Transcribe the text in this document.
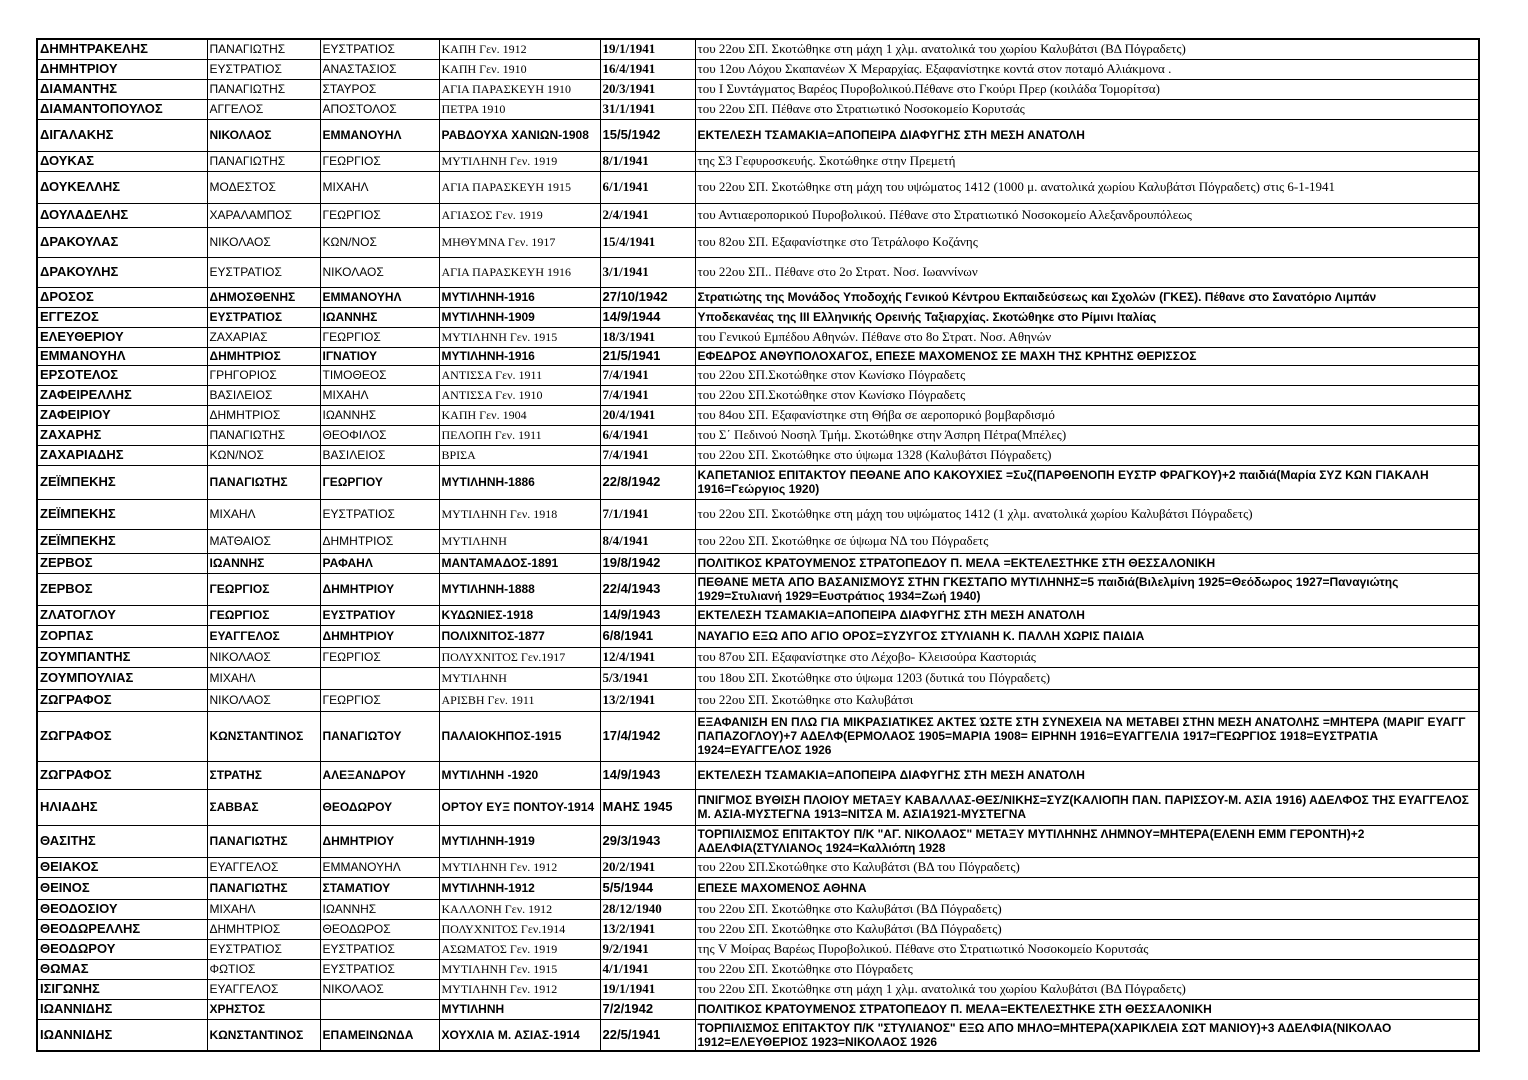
ΔΗΜΗΤΡΑΚΕΛΗΣ	ΠΑΝΑΓΙΩΤΗΣ	ΕΥΣΤΡΑΤΙΟΣ	ΚΑΠΗ Γεν. 1912	19/1/1941	του 22ου ΣΠ. Σκοτώθηκε στη μάχη 1 χλμ. ανατολικά του χωρίου Καλυβάτσι (ΒΔ Πόγραδετς)
ΔΗΜΗΤΡΙΟΥ	ΕΥΣΤΡΑΤΙΟΣ	ΑΝΑΣΤΑΣΙΟΣ	ΚΑΠΗ Γεν. 1910	16/4/1941	του 12ου Λόχου Σκαπανέων Χ Μεραρχίας. Εξαφανίστηκε κοντά στον ποταμό Αλιάκμονα .
ΔΙΑΜΑΝΤΗΣ	ΠΑΝΑΓΙΩΤΗΣ	ΣΤΑΥΡΟΣ	ΑΓΙΑ ΠΑΡΑΣΚΕΥΗ 1910	20/3/1941	του Ι Συντάγματος Βαρέος Πυροβολικού.Πέθανε στο Γκούρι Πρερ (κοιλάδα Τομορίτσα)
ΔΙΑΜΑΝΤΟΠΟΥΛΟΣ	ΑΓΓΕΛΟΣ	ΑΠΟΣΤΟΛΟΣ	ΠΕΤΡΑ 1910	31/1/1941	του 22ου ΣΠ. Πέθανε στο Στρατιωτικό Νοσοκομείο Κορυτσάς
ΔΙΓΑΛΑΚΗΣ	ΝΙΚΟΛΑΟΣ	ΕΜΜΑΝΟΥΗΛ	ΡΑΒΔΟΥΧΑ ΧΑΝΙΩΝ-1908	15/5/1942	ΕΚΤΕΛΕΣΗ ΤΣΑΜΑΚΙΑ=ΑΠΟΠΕΙΡΑ ΔΙΑΦΥΓΗΣ ΣΤΗ ΜΕΣΗ ΑΝΑΤΟΛΗ
ΔΟΥΚΑΣ	ΠΑΝΑΓΙΩΤΗΣ	ΓΕΩΡΓΙΟΣ	ΜΥΤΙΛΗΝΗ Γεν. 1919	8/1/1941	της Σ3 Γεφυροσκευής. Σκοτώθηκε στην Πρεμετή
ΔΟΥΚΕΛΛΗΣ	ΜΟΔΕΣΤΟΣ	ΜΙΧΑΗΛ	ΑΓΙΑ ΠΑΡΑΣΚΕΥΗ 1915	6/1/1941	του 22ου ΣΠ. Σκοτώθηκε στη μάχη του υψώματος 1412 (1000 μ. ανατολικά χωρίου Καλυβάτσι Πόγραδετς) στις 6-1-1941
ΔΟΥΛΑΔΕΛΗΣ	ΧΑΡΑΛΑΜΠΟΣ	ΓΕΩΡΓΙΟΣ	ΑΓΙΑΣΟΣ Γεν. 1919	2/4/1941	του Αντιαεροπορικού Πυροβολικού. Πέθανε στο Στρατιωτικό Νοσοκομείο Αλεξανδρουπόλεως
ΔΡΑΚΟΥΛΑΣ	ΝΙΚΟΛΑΟΣ	ΚΩΝ/ΝΟΣ	ΜΗΘΥΜΝΑ Γεν. 1917	15/4/1941	του 82ου ΣΠ. Εξαφανίστηκε στο Τετράλοφο Κοζάνης
ΔΡΑΚΟΥΛΗΣ	ΕΥΣΤΡΑΤΙΟΣ	ΝΙΚΟΛΑΟΣ	ΑΓΙΑ ΠΑΡΑΣΚΕΥΗ 1916	3/1/1941	του 22ου ΣΠ.. Πέθανε στο 2ο Στρατ. Νοσ. Ιωαννίνων
ΔΡΟΣΟΣ	ΔΗΜΟΣΘΕΝΗΣ	ΕΜΜΑΝΟΥΗΛ	ΜΥΤΙΛΗΝΗ-1916	27/10/1942	Στρατιώτης της Μονάδος Υποδοχής Γενικού Κέντρου Εκπαιδεύσεως και Σχολών (ΓΚΕΣ). Πέθανε στο Σανατόριο Λιμπάν
ΕΓΓΕΖΟΣ	ΕΥΣΤΡΑΤΙΟΣ	ΙΩΑΝΝΗΣ	ΜΥΤΙΛΗΝΗ-1909	14/9/1944	Υποδεκανέας της ΙΙΙ Ελληνικής Ορεινής Ταξιαρχίας. Σκοτώθηκε στο Ρίμινι Ιταλίας
ΕΛΕΥΘΕΡΙΟΥ	ΖΑΧΑΡΙΑΣ	ΓΕΩΡΓΙΟΣ	ΜΥΤΙΛΗΝΗ Γεν. 1915	18/3/1941	του Γενικού Εμπέδου Αθηνών. Πέθανε στο 8ο Στρατ. Νοσ. Αθηνών
ΕΜΜΑΝΟΥΗΛ	ΔΗΜΗΤΡΙΟΣ	ΙΓΝΑΤΙΟΥ	ΜΥΤΙΛΗΝΗ-1916	21/5/1941	ΕΦΕΔΡΟΣ ΑΝΘΥΠΟΛΟΧΑΓΟΣ, ΕΠΕΣΕ ΜΑΧΟΜΕΝΟΣ ΣΕ ΜΑΧΗ ΤΗΣ ΚΡΗΤΗΣ ΘΕΡΙΣΣΟΣ
ΕΡΣΟΤΕΛΟΣ	ΓΡΗΓΟΡΙΟΣ	ΤΙΜΟΘΕΟΣ	ΑΝΤΙΣΣΑ Γεν. 1911	7/4/1941	του 22ου ΣΠ.Σκοτώθηκε στον Κωνίσκο Πόγραδετς
ΖΑΦΕΙΡΕΛΛΗΣ	ΒΑΣΙΛΕΙΟΣ	ΜΙΧΑΗΛ	ΑΝΤΙΣΣΑ Γεν. 1910	7/4/1941	του 22ου ΣΠ.Σκοτώθηκε στον Κωνίσκο Πόγραδετς
ΖΑΦΕΙΡΙΟΥ	ΔΗΜΗΤΡΙΟΣ	ΙΩΑΝΝΗΣ	ΚΑΠΗ Γεν. 1904	20/4/1941	του 84ου ΣΠ. Εξαφανίστηκε στη Θήβα σε αεροπορικό βομβαρδισμό
ΖΑΧΑΡΗΣ	ΠΑΝΑΓΙΩΤΗΣ	ΘΕΟΦΙΛΟΣ	ΠΕΛΟΠΗ Γεν. 1911	6/4/1941	του Σ΄ Πεδινού Νοσηλ Τμήμ. Σκοτώθηκε στην Άσπρη Πέτρα(Μπέλες)
ΖΑΧΑΡΙΑΔΗΣ	ΚΩΝ/ΝΟΣ	ΒΑΣΙΛΕΙΟΣ	ΒΡΙΣΑ	7/4/1941	του 22ου ΣΠ. Σκοτώθηκε στο ύψωμα 1328 (Καλυβάτσι Πόγραδετς)
ΖΕΪΜΠΕΚΗΣ	ΠΑΝΑΓΙΩΤΗΣ	ΓΕΩΡΓΙΟΥ	ΜΥΤΙΛΗΝΗ-1886	22/8/1942	ΚΑΠΕΤΑΝΙΟΣ ΕΠΙΤΑΚΤΟΥ ΠΕΘΑΝΕ ΑΠΟ ΚΑΚΟΥΧΙΕΣ =Συζ(ΠΑΡΘΕΝΟΠΗ ΕΥΣΤΡ ΦΡΑΓΚΟΥ)+2 παιδιά(Μαρία ΣΥΖ ΚΩΝ ΓΙΑΚΑΛΗ 1916=Γεώργιος 1920)
ΖΕΪΜΠΕΚΗΣ	ΜΙΧΑΗΛ	ΕΥΣΤΡΑΤΙΟΣ	ΜΥΤΙΛΗΝΗ Γεν. 1918	7/1/1941	του 22ου ΣΠ. Σκοτώθηκε στη μάχη του υψώματος 1412 (1 χλμ. ανατολικά χωρίου Καλυβάτσι Πόγραδετς)
ΖΕΪΜΠΕΚΗΣ	ΜΑΤΘΑΙΟΣ	ΔΗΜΗΤΡΙΟΣ	ΜΥΤΙΛΗΝΗ	8/4/1941	του 22ου ΣΠ. Σκοτώθηκε σε ύψωμα ΝΔ του Πόγραδετς
ΖΕΡΒΟΣ	ΙΩΑΝΝΗΣ	ΡΑΦΑΗΛ	ΜΑΝΤΑΜΑΔΟΣ-1891	19/8/1942	ΠΟΛΙΤΙΚΟΣ ΚΡΑΤΟΥΜΕΝΟΣ ΣΤΡΑΤΟΠΕΔΟΥ Π. ΜΕΛΑ =ΕΚΤΕΛΕΣΤΗΚΕ ΣΤΗ ΘΕΣΣΑΛΟΝΙΚΗ
ΖΕΡΒΟΣ	ΓΕΩΡΓΙΟΣ	ΔΗΜΗΤΡΙΟΥ	ΜΥΤΙΛΗΝΗ-1888	22/4/1943	ΠΕΘΑΝΕ ΜΕΤΑ ΑΠΟ ΒΑΣΑΝΙΣΜΟΥΣ ΣΤΗΝ ΓΚΕΣΤΑΠΟ ΜΥΤΙΛΗΝΗΣ=5 παιδιά(Βιλελμίνη 1925=Θεόδωρος 1927=Παναγιώτης 1929=Στυλιανή 1929=Ευστράτιος 1934=Ζωή 1940)
ΖΛΑΤΟΓΛΟΥ	ΓΕΩΡΓΙΟΣ	ΕΥΣΤΡΑΤΙΟΥ	ΚΥΔΩΝΙΕΣ-1918	14/9/1943	ΕΚΤΕΛΕΣΗ ΤΣΑΜΑΚΙΑ=ΑΠΟΠΕΙΡΑ ΔΙΑΦΥΓΗΣ ΣΤΗ ΜΕΣΗ ΑΝΑΤΟΛΗ
ΖΟΡΠΑΣ	ΕΥΑΓΓΕΛΟΣ	ΔΗΜΗΤΡΙΟΥ	ΠΟΛΙΧΝΙΤΟΣ-1877	6/8/1941	ΝΑΥΑΓΙΟ ΕΞΩ ΑΠΟ ΑΓΙΟ ΟΡΟΣ=ΣΥΖΥΓΟΣ ΣΤΥΛΙΑΝΗ Κ. ΠΑΛΛΗ ΧΩΡΙΣ ΠΑΙΔΙΑ
ΖΟΥΜΠΑΝΤΗΣ	ΝΙΚΟΛΑΟΣ	ΓΕΩΡΓΙΟΣ	ΠΟΛΥΧΝΙΤΟΣ Γεν.1917	12/4/1941	του 87ου ΣΠ. Εξαφανίστηκε στο Λέχοβο- Κλεισούρα Καστοριάς
ΖΟΥΜΠΟΥΛΙΑΣ	ΜΙΧΑΗΛ		ΜΥΤΙΛΗΝΗ	5/3/1941	του 18ου ΣΠ. Σκοτώθηκε στο ύψωμα 1203 (δυτικά του Πόγραδετς)
ΖΩΓΡΑΦΟΣ	ΝΙΚΟΛΑΟΣ	ΓΕΩΡΓΙΟΣ	ΑΡΙΣΒΗ Γεν. 1911	13/2/1941	του 22ου ΣΠ. Σκοτώθηκε στο Καλυβάτσι
ΖΩΓΡΑΦΟΣ	ΚΩΝΣΤΑΝΤΙΝΟΣ	ΠΑΝΑΓΙΩΤΟΥ	ΠΑΛΑΙΟΚΗΠΟΣ-1915	17/4/1942	ΕΞΑΦΑΝΙΣΗ ΕΝ ΠΛΩ ΓΙΑ ΜΙΚΡΑΣΙΑΤΙΚΕΣ ΑΚΤΕΣ ΏΣΤΕ ΣΤΗ ΣΥΝΕΧΕΙΑ ΝΑ ΜΕΤΑΒΕΙ ΣΤΗΝ ΜΕΣΗ ΑΝΑΤΟΛΗΣ =ΜΗΤΕΡΑ (ΜΑΡΙΓ ΕΥΑΓΓ ΠΑΠΑΖΟΓΛΟΥ)+7 ΑΔΕΛΦ(ΕΡΜΟΛΑΟΣ 1905=ΜΑΡΙΑ 1908= ΕΙΡΗΝΗ 1916=ΕΥΑΓΓΕΛΙΑ 1917=ΓΕΩΡΓΙΟΣ 1918=ΕΥΣΤΡΑΤΙΑ 1924=ΕΥΑΓΓΕΛΟΣ 1926
ΖΩΓΡΑΦΟΣ	ΣΤΡΑΤΗΣ	ΑΛΕΞΑΝΔΡΟΥ	ΜΥΤΙΛΗΝΗ -1920	14/9/1943	ΕΚΤΕΛΕΣΗ ΤΣΑΜΑΚΙΑ=ΑΠΟΠΕΙΡΑ ΔΙΑΦΥΓΗΣ ΣΤΗ ΜΕΣΗ ΑΝΑΤΟΛΗ
ΗΛΙΑΔΗΣ	ΣΑΒΒΑΣ	ΘΕΟΔΩΡΟΥ	ΟΡΤΟΥ ΕΥΞ ΠΟΝΤΟΥ-1914	ΜΑΗΣ 1945	ΠΝΙΓΜΟΣ ΒΥΘΙΣΗ ΠΛΟΙΟΥ ΜΕΤΑΞΥ ΚΑΒΑΛΛΑΣ-ΘΕΣ/ΝΙΚΗΣ=ΣΥΖ(ΚΑΛΙΟΠΗ ΠΑΝ. ΠΑΡΙΣΣΟΥ-Μ. ΑΣΙΑ 1916) ΑΔΕΛΦΟΣ ΤΗΣ ΕΥΑΓΓΕΛΟΣ Μ. ΑΣΙΑ-ΜΥΣΤΕΓΝΑ 1913=ΝΙΤΣΑ Μ. ΑΣΙΑ1921-ΜΥΣΤΕΓΝΑ
ΘΑΣΙΤΗΣ	ΠΑΝΑΓΙΩΤΗΣ	ΔΗΜΗΤΡΙΟΥ	ΜΥΤΙΛΗΝΗ-1919	29/3/1943	ΤΟΡΠΙΛΙΣΜΟΣ ΕΠΙΤΑΚΤΟΥ Π/Κ "ΑΓ. ΝΙΚΟΛΑΟΣ" ΜΕΤΑΞΥ ΜΥΤΙΛΗΝΗΣ ΛΗΜΝΟΥ=ΜΗΤΕΡΑ(ΕΛΕΝΗ ΕΜΜ ΓΕΡΟΝΤΗ)+2 ΑΔΕΛΦΙΑ(ΣΤΥΛΙΑΝΟς 1924=Καλλιόπη 1928
ΘΕΙΑΚΟΣ	ΕΥΑΓΓΕΛΟΣ	ΕΜΜΑΝΟΥΗΛ	ΜΥΤΙΛΗΝΗ Γεν. 1912	20/2/1941	του 22ου ΣΠ.Σκοτώθηκε στο Καλυβάτσι (ΒΔ του Πόγραδετς)
ΘΕΙΝΟΣ	ΠΑΝΑΓΙΩΤΗΣ	ΣΤΑΜΑΤΙΟΥ	ΜΥΤΙΛΗΝΗ-1912	5/5/1944	ΕΠΕΣΕ ΜΑΧΟΜΕΝΟΣ ΑΘΗΝΑ
ΘΕΟΔΟΣΙΟΥ	ΜΙΧΑΗΛ	ΙΩΑΝΝΗΣ	ΚΑΛΛΟΝΗ Γεν. 1912	28/12/1940	του 22ου ΣΠ. Σκοτώθηκε στο Καλυβάτσι (ΒΔ Πόγραδετς)
ΘΕΟΔΩΡΕΛΛΗΣ	ΔΗΜΗΤΡΙΟΣ	ΘΕΟΔΩΡΟΣ	ΠΟΛΥΧΝΙΤΟΣ Γεν.1914	13/2/1941	του 22ου ΣΠ. Σκοτώθηκε στο Καλυβάτσι (ΒΔ Πόγραδετς)
ΘΕΟΔΩΡΟΥ	ΕΥΣΤΡΑΤΙΟΣ	ΕΥΣΤΡΑΤΙΟΣ	ΑΣΩΜΑΤΟΣ Γεν. 1919	9/2/1941	της V Μοίρας Βαρέως Πυροβολικού. Πέθανε στο Στρατιωτικό Νοσοκομείο Κορυτσάς
ΘΩΜΑΣ	ΦΩΤΙΟΣ	ΕΥΣΤΡΑΤΙΟΣ	ΜΥΤΙΛΗΝΗ Γεν. 1915	4/1/1941	του 22ου ΣΠ. Σκοτώθηκε στο Πόγραδετς
ΙΣΙΓΩΝΗΣ	ΕΥΑΓΓΕΛΟΣ	ΝΙΚΟΛΑΟΣ	ΜΥΤΙΛΗΝΗ Γεν. 1912	19/1/1941	του 22ου ΣΠ. Σκοτώθηκε στη μάχη 1 χλμ. ανατολικά του χωρίου Καλυβάτσι (ΒΔ Πόγραδετς)
ΙΩΑΝΝΙΔΗΣ	ΧΡΗΣΤΟΣ		ΜΥΤΙΛΗΝΗ	7/2/1942	ΠΟΛΙΤΙΚΟΣ ΚΡΑΤΟΥΜΕΝΟΣ ΣΤΡΑΤΟΠΕΔΟΥ Π. ΜΕΛΑ=ΕΚΤΕΛΕΣΤΗΚΕ ΣΤΗ ΘΕΣΣΑΛΟΝΙΚΗ
ΙΩΑΝΝΙΔΗΣ	ΚΩΝΣΤΑΝΤΙΝΟΣ	ΕΠΑΜΕΙΝΩΝΔΑ	ΧΟΥΧΛΙΑ Μ. ΑΣΙΑΣ-1914	22/5/1941	ΤΟΡΠΙΛΙΣΜΟΣ ΕΠΙΤΑΚΤΟΥ Π/Κ "ΣΤΥΛΙΑΝΟΣ" ΕΞΩ ΑΠΟ ΜΗΛΟ=ΜΗΤΕΡΑ(ΧΑΡΙΚΛΕΙΑ ΣΩΤ ΜΑΝΙΟΥ)+3 ΑΔΕΛΦΙΑ(ΝΙΚΟΛΑΟ 1912=ΕΛΕΥΘΕΡΙΟΣ 1923=ΝΙΚΟΛΑΟΣ 1926
